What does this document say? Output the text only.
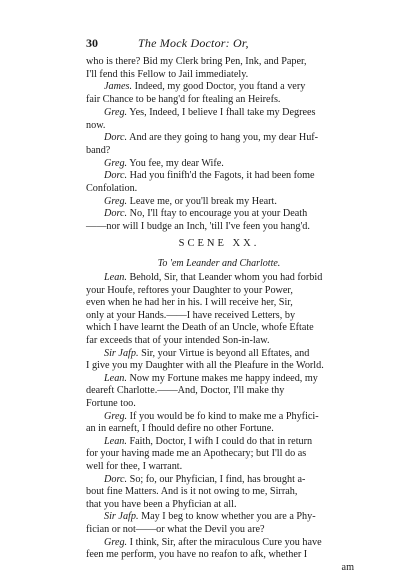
30	The Mock Doctor: Or,
who is there? Bid my Clerk bring Pen, Ink, and Paper,
I'll fend this Fellow to Jail immediately.
James. Indeed, my good Doctor, you ftand a very
fair Chance to be hang'd for ftealing an Heirefs.
Greg. Yes, Indeed, I believe I fhall take my Degrees
now.
Dorc. And are they going to hang you, my dear Huf-
band?
Greg. You fee, my dear Wife.
Dorc. Had you finifh'd the Fagots, it had been fome
Confolation.
Greg. Leave me, or you'll break my Heart.
Dorc. No, I'll ftay to encourage you at your Death
——nor will I budge an Inch, 'till I've feen you hang'd.
SCENE XX.
To 'em Leander and Charlotte.
Lean. Behold, Sir, that Leander whom you had forbid
your Houfe, reftores your Daughter to your Power,
even when he had her in his. I will receive her, Sir,
only at your Hands.——I have received Letters, by
which I have learnt the Death of an Uncle, whofe Eftate
far exceeds that of your intended Son-in-law.
Sir Jafp. Sir, your Virtue is beyond all Eftates, and
I give you my Daughter with all the Pleafure in the World.
Lean. Now my Fortune makes me happy indeed, my
deareft Charlotte.——And, Doctor, I'll make thy
Fortune too.
Greg. If you would be fo kind to make me a Phyfici-
an in earneft, I fhould defire no other Fortune.
Lean. Faith, Doctor, I wifh I could do that in return
for your having made me an Apothecary; but I'll do as
well for thee, I warrant.
Dorc. So; fo, our Phyfician, I find, has brought a-
bout fine Matters. And is it not owing to me, Sirrah,
that you have been a Phyfician at all.
Sir Jafp. May I beg to know whether you are a Phy-
fician or not——or what the Devil you are?
Greg. I think, Sir, after the miraculous Cure you have
feen me perform, you have no reafon to afk, whether I
am
